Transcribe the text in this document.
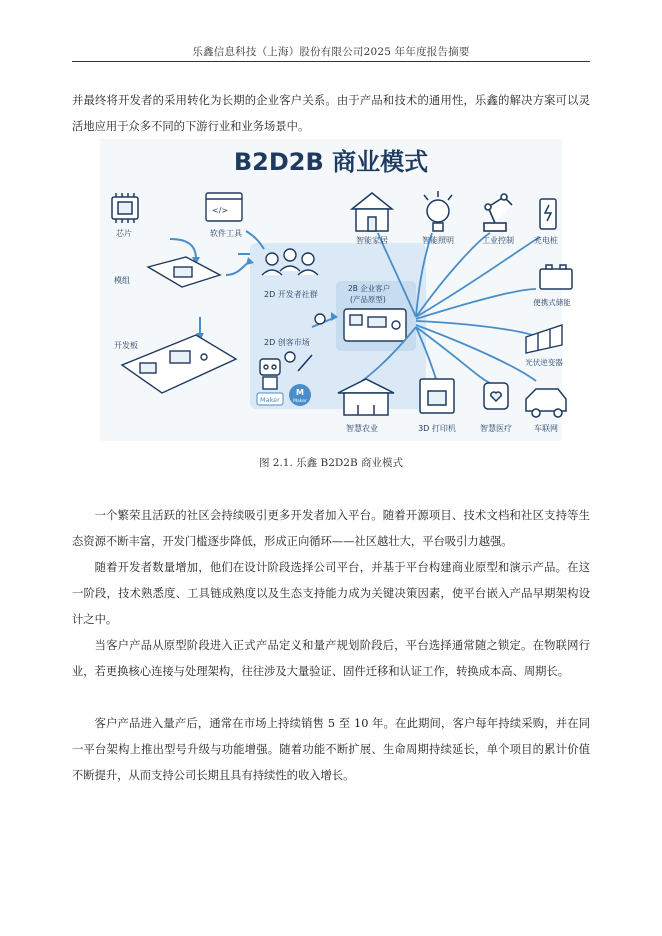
乐鑫信息科技（上海）股份有限公司2025 年年度报告摘要

并最终将开发者的采用转化为长期的企业客户关系。由于产品和技术的通用性，乐鑫的解决方案可以灵活地应用于众多不同的下游行业和业务场景中。

B2D2B 商业模式
芯片
模组
开发板
</>
软件工具
2D 开发者社群
2D 创客市场
Maker
M
Maker
2B 企业客户
(产品原型)
智能家居	智能照明	工业控制	充电桩
便携式储能
光伏逆变器
车联网
智慧医疗
3D 打印机
智慧农业
图 2.1. 乐鑫 B2D2B 商业模式

一个繁荣且活跃的社区会持续吸引更多开发者加入平台。随着开源项目、技术文档和社区支持等生态资源不断丰富，开发门槛逐步降低，形成正向循环——社区越壮大，平台吸引力越强。

随着开发者数量增加，他们在设计阶段选择公司平台，并基于平台构建商业原型和演示产品。在这一阶段，技术熟悉度、工具链成熟度以及生态支持能力成为关键决策因素，使平台嵌入产品早期架构设计之中。

当客户产品从原型阶段进入正式产品定义和量产规划阶段后，平台选择通常随之锁定。在物联网行业，若更换核心连接与处理架构，往往涉及大量验证、固件迁移和认证工作，转换成本高、周期长。

客户产品进入量产后，通常在市场上持续销售 5 至 10 年。在此期间，客户每年持续采购，并在同一平台架构上推出型号升级与功能增强。随着功能不断扩展、生命周期持续延长，单个项目的累计价值不断提升，从而支持公司长期且具有持续性的收入增长。
